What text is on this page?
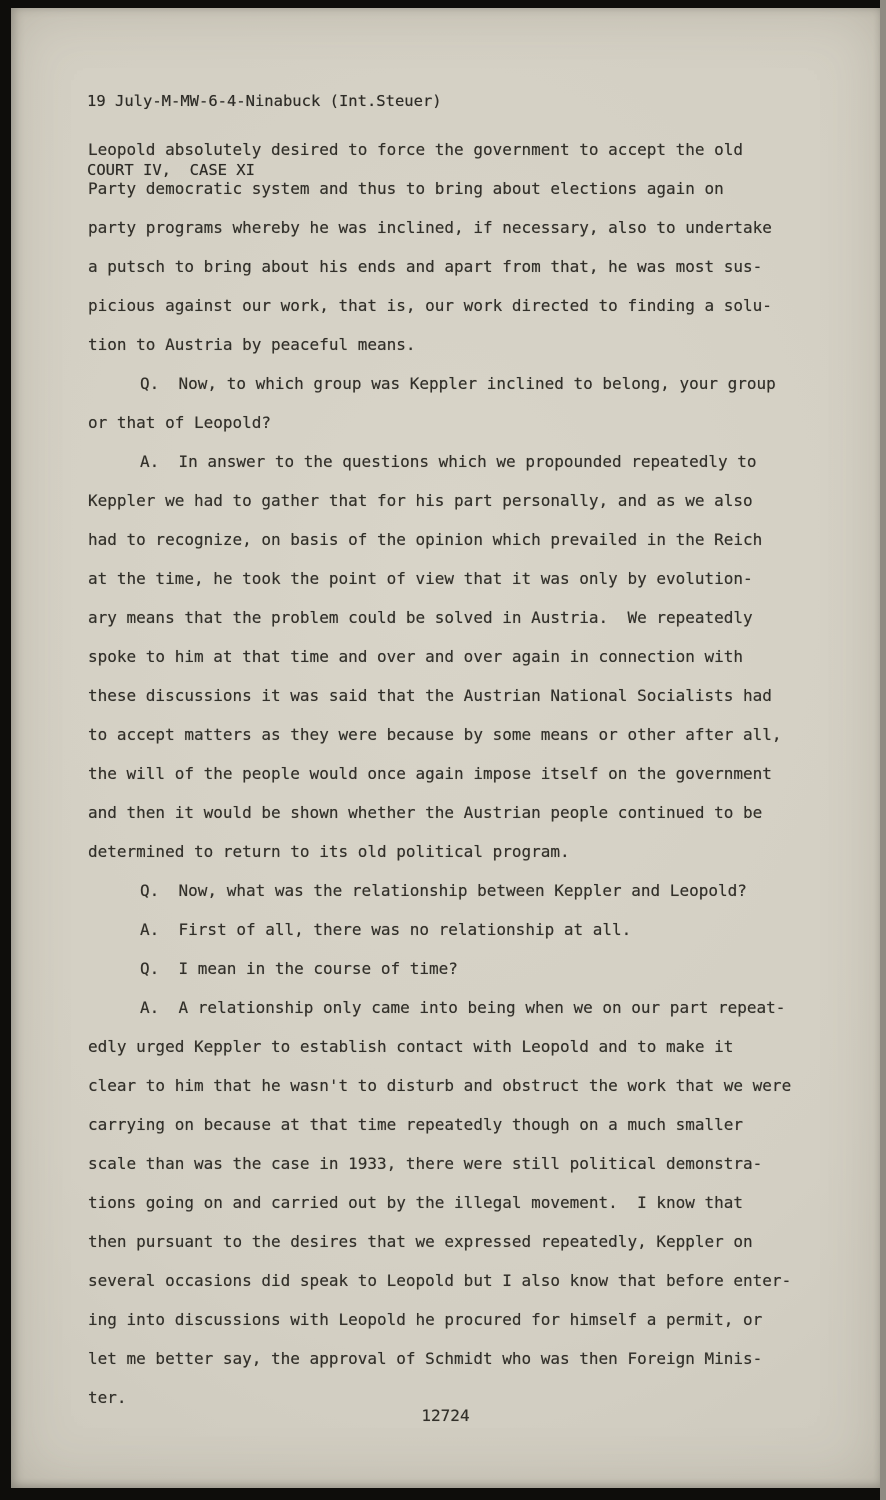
19 July-M-MW-6-4-Ninabuck (Int.Steuer)

COURT IV,  CASE XI

Leopold absolutely desired to force the government to accept the old
Party democratic system and thus to bring about elections again on
party programs whereby he was inclined, if necessary, also to undertake
a putsch to bring about his ends and apart from that, he was most sus-
picious against our work, that is, our work directed to finding a solu-
tion to Austria by peaceful means.
Q.  Now, to which group was Keppler inclined to belong, your group
or that of Leopold?
A.  In answer to the questions which we propounded repeatedly to
Keppler we had to gather that for his part personally, and as we also
had to recognize, on basis of the opinion which prevailed in the Reich
at the time, he took the point of view that it was only by evolution-
ary means that the problem could be solved in Austria.  We repeatedly
spoke to him at that time and over and over again in connection with
these discussions it was said that the Austrian National Socialists had
to accept matters as they were because by some means or other after all,
the will of the people would once again impose itself on the government
and then it would be shown whether the Austrian people continued to be
determined to return to its old political program.
Q.  Now, what was the relationship between Keppler and Leopold?
A.  First of all, there was no relationship at all.
Q.  I mean in the course of time?
A.  A relationship only came into being when we on our part repeat-
edly urged Keppler to establish contact with Leopold and to make it
clear to him that he wasn't to disturb and obstruct the work that we were
carrying on because at that time repeatedly though on a much smaller
scale than was the case in 1933, there were still political demonstra-
tions going on and carried out by the illegal movement.  I know that
then pursuant to the desires that we expressed repeatedly, Keppler on
several occasions did speak to Leopold but I also know that before enter-
ing into discussions with Leopold he procured for himself a permit, or
let me better say, the approval of Schmidt who was then Foreign Minis-
ter.
12724
